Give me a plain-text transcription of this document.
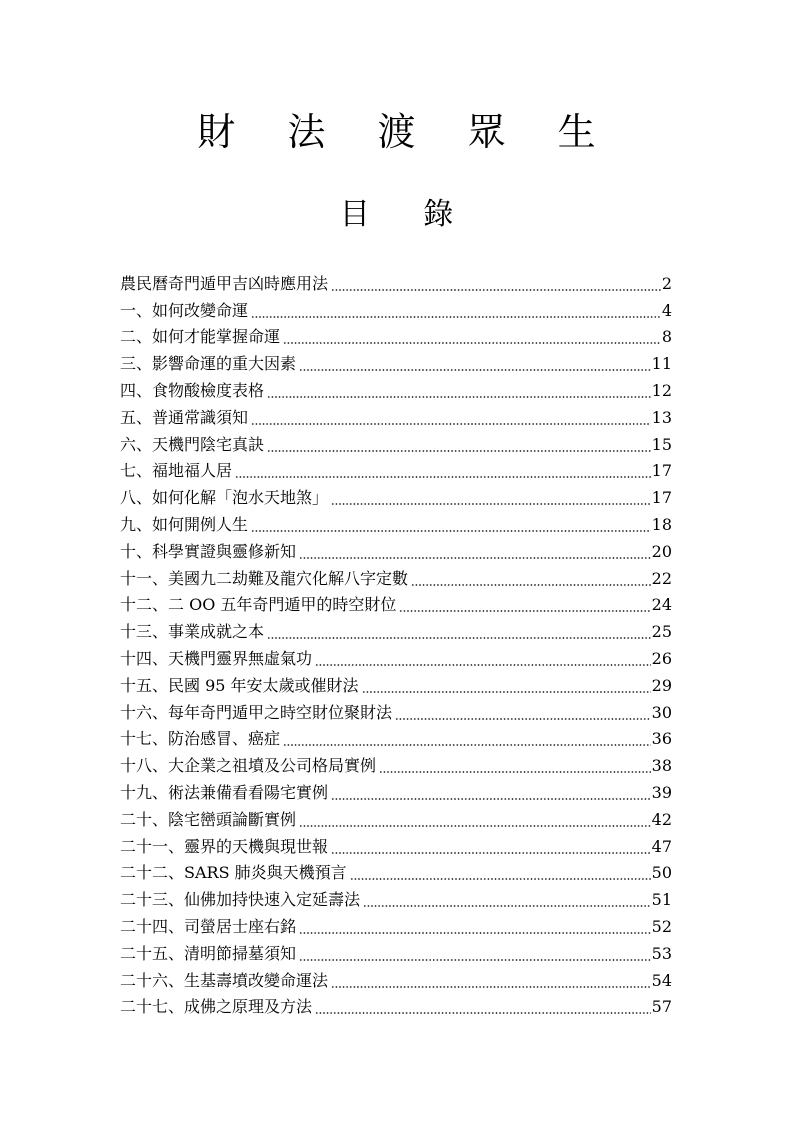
財 法 渡 眾 生
目 錄
農民曆奇門遁甲吉凶時應用法	2
一、如何改變命運	4
二、如何才能掌握命運	8
三、影響命運的重大因素	11
四、食物酸檢度表格	12
五、普通常識須知	13
六、天機門陰宅真訣	15
七、福地福人居	17
八、如何化解「泡水天地煞」	17
九、如何開例人生	18
十、科學實證與靈修新知	20
十一、美國九二劫難及龍穴化解八字定數	22
十二、二 OO 五年奇門遁甲的時空財位	24
十三、事業成就之本	25
十四、天機門靈界無虛氣功	26
十五、民國 95 年安太歲或催財法	29
十六、每年奇門遁甲之時空財位聚財法	30
十七、防治感冒、癌症	36
十八、大企業之祖墳及公司格局實例	38
十九、術法兼備看看陽宅實例	39
二十、陰宅巒頭論斷實例	42
二十一、靈界的天機與現世報	47
二十二、SARS 肺炎與天機預言	50
二十三、仙佛加持快速入定延壽法	51
二十四、司螢居士座右銘	52
二十五、清明節掃墓須知	53
二十六、生基壽墳改變命運法	54
二十七、成佛之原理及方法	57
